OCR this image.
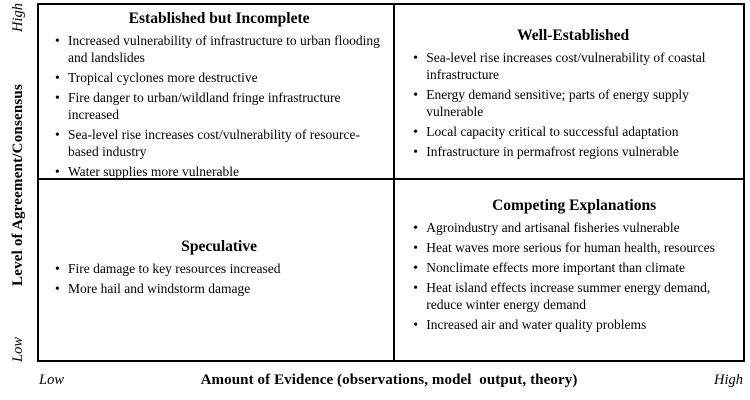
High
Level of Agreement/Consensus
Low
Established but Incomplete
• Increased vulnerability of infrastructure to urban flooding and landslides
• Tropical cyclones more destructive
• Fire danger to urban/wildland fringe infrastructure increased
• Sea-level rise increases cost/vulnerability of resource-based industry
• Water supplies more vulnerable
Well-Established
• Sea-level rise increases cost/vulnerability of coastal infrastructure
• Energy demand sensitive; parts of energy supply vulnerable
• Local capacity critical to successful adaptation
• Infrastructure in permafrost regions vulnerable
Speculative
• Fire damage to key resources increased
• More hail and windstorm damage
Competing Explanations
• Agroindustry and artisanal fisheries vulnerable
• Heat waves more serious for human health, resources
• Nonclimate effects more important than climate
• Heat island effects increase summer energy demand, reduce winter energy demand
• Increased air and water quality problems
Low	Amount of Evidence (observations, model  output, theory)	High
